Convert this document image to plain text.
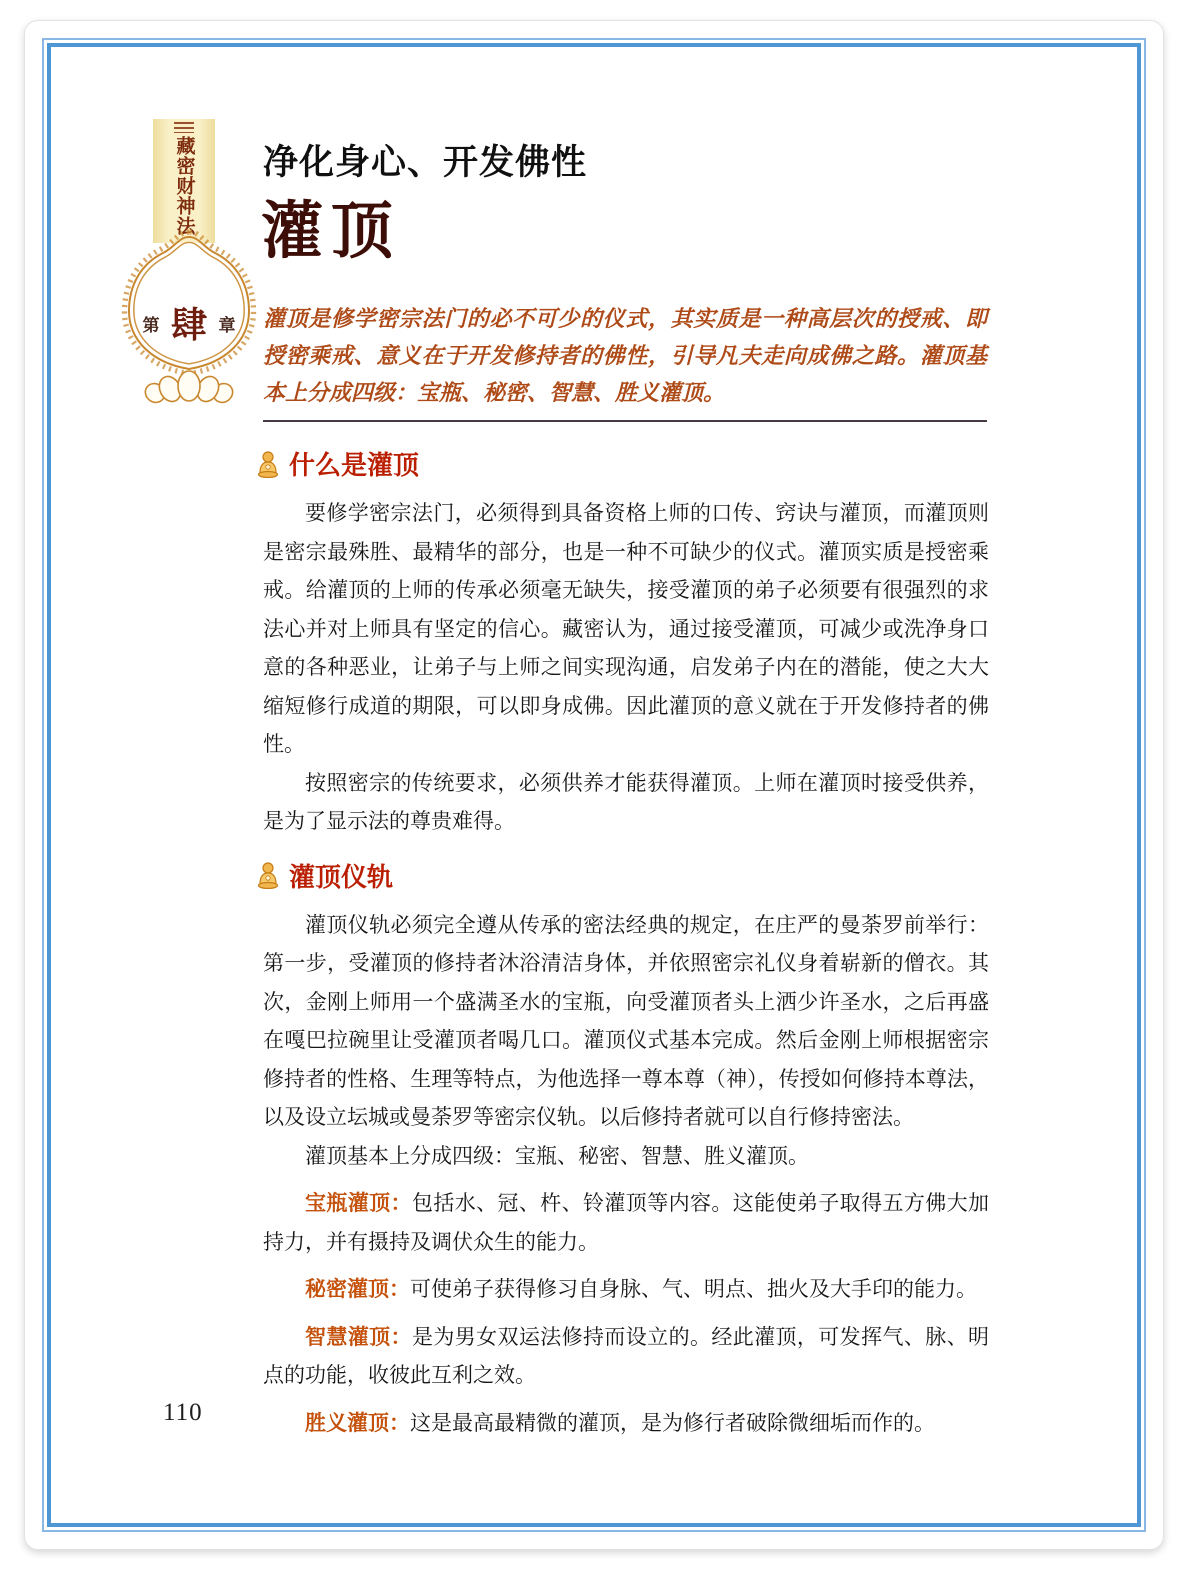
藏密财神法
第 肆 章
净化身心、开发佛性
灌顶

灌顶是修学密宗法门的必不可少的仪式，其实质是一种高层次的授戒、即授密乘戒、意义在于开发修持者的佛性，引导凡夫走向成佛之路。灌顶基本上分成四级：宝瓶、秘密、智慧、胜义灌顶。

什么是灌顶

要修学密宗法门，必须得到具备资格上师的口传、窍诀与灌顶，而灌顶则是密宗最殊胜、最精华的部分，也是一种不可缺少的仪式。灌顶实质是授密乘戒。给灌顶的上师的传承必须毫无缺失，接受灌顶的弟子必须要有很强烈的求法心并对上师具有坚定的信心。藏密认为，通过接受灌顶，可减少或洗净身口意的各种恶业，让弟子与上师之间实现沟通，启发弟子内在的潜能，使之大大缩短修行成道的期限，可以即身成佛。因此灌顶的意义就在于开发修持者的佛性。

按照密宗的传统要求，必须供养才能获得灌顶。上师在灌顶时接受供养，是为了显示法的尊贵难得。

灌顶仪轨

灌顶仪轨必须完全遵从传承的密法经典的规定，在庄严的曼荼罗前举行：第一步，受灌顶的修持者沐浴清洁身体，并依照密宗礼仪身着崭新的僧衣。其次，金刚上师用一个盛满圣水的宝瓶，向受灌顶者头上洒少许圣水，之后再盛在嘎巴拉碗里让受灌顶者喝几口。灌顶仪式基本完成。然后金刚上师根据密宗修持者的性格、生理等特点，为他选择一尊本尊（神），传授如何修持本尊法，以及设立坛城或曼荼罗等密宗仪轨。以后修持者就可以自行修持密法。

灌顶基本上分成四级：宝瓶、秘密、智慧、胜义灌顶。

宝瓶灌顶：包括水、冠、杵、铃灌顶等内容。这能使弟子取得五方佛大加持力，并有摄持及调伏众生的能力。

秘密灌顶：可使弟子获得修习自身脉、气、明点、拙火及大手印的能力。

智慧灌顶：是为男女双运法修持而设立的。经此灌顶，可发挥气、脉、明点的功能，收彼此互利之效。

胜义灌顶：这是最高最精微的灌顶，是为修行者破除微细垢而作的。

110
